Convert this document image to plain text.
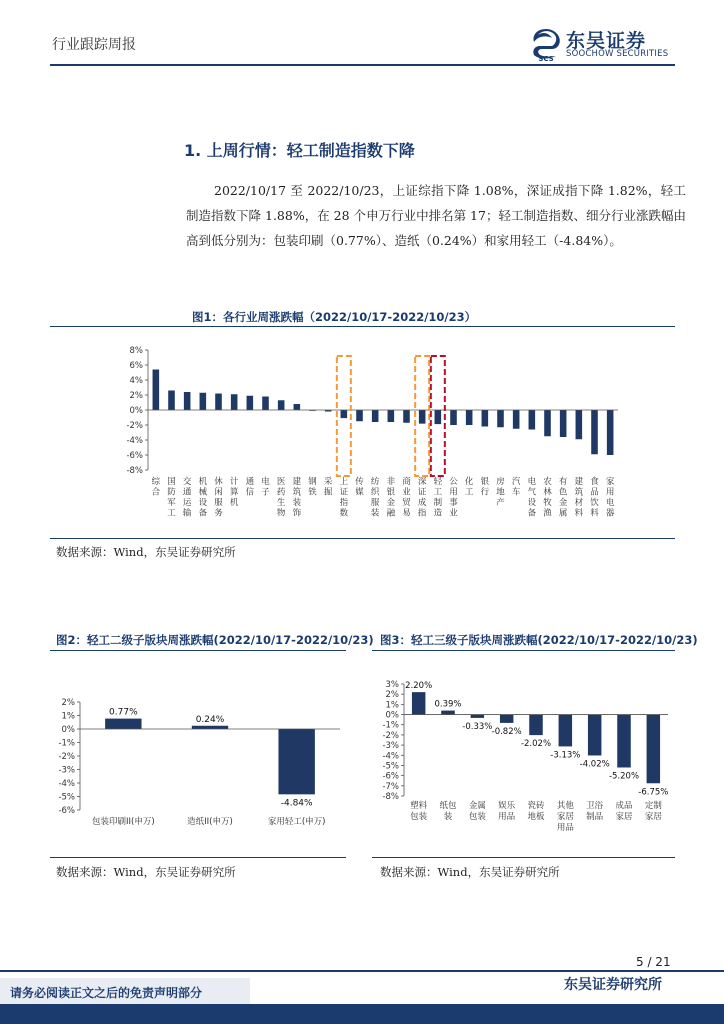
行业跟踪周报
SCS
东吴证券
SOOCHOW SECURITIES
1. 上周行情：轻工制造指数下降
2022/10/17 至 2022/10/23，上证综指下降 1.08%，深证成指下降 1.82%，轻工制造指数下降 1.88%，在 28 个申万行业中排名第 17；轻工制造指数、细分行业涨跌幅由高到低分别为：包装印刷（0.77%）、造纸（0.24%）和家用轻工（-4.84%）。
图1：各行业周涨跌幅（2022/10/17-2022/10/23）
8%
6%
4%
2%
0%
-2%
-4%
-6%
-8%
综合
国防军工
交通运输
机械设备
休闲服务
计算机
通信
电子
医药生物
建筑装饰
钢铁
采掘
上证指数
传媒
纺织服装
非银金融
商业贸易
深证成指
轻工制造
公用事业
化工
银行
房地产
汽车
电气设备
农林牧渔
有色金属
建筑材料
食品饮料
家用电器
数据来源：Wind，东吴证券研究所
图2：轻工二级子版块周涨跌幅(2022/10/17-2022/10/23)
2%
1%
0%
-1%
-2%
-3%
-4%
-5%
-6%
0.77%
包装印刷II(申万)
0.24%
造纸II(申万)
-4.84%
家用轻工(申万)
数据来源：Wind，东吴证券研究所
图3：轻工三级子版块周涨跌幅(2022/10/17-2022/10/23)
3%
2%
1%
0%
-1%
-2%
-3%
-4%
-5%
-6%
-7%
-8%
2.20%
塑料包装
0.39%
纸包装
-0.33%
金属包装
-0.82%
娱乐用品
-2.02%
瓷砖地板
-3.13%
其他家居用品
-4.02%
卫浴制品
-5.20%
成品家居
-6.75%
定制家居
数据来源：Wind，东吴证券研究所
5 / 21
东吴证券研究所
请务必阅读正文之后的免责声明部分
